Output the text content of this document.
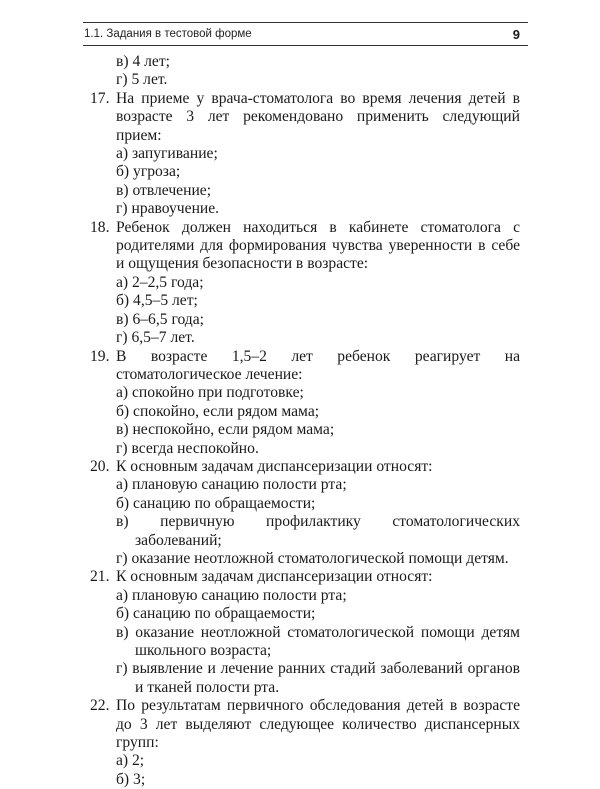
1.1. Задания в тестовой форме	9
в) 4 лет;
г) 5 лет.
17. На приеме у врача-стоматолога во время лечения детей в возрасте 3 лет рекомендовано применить следующий прием:
а) запугивание;
б) угроза;
в) отвлечение;
г) нравоучение.
18. Ребенок должен находиться в кабинете стоматолога с родителями для формирования чувства уверенности в себе и ощущения безопасности в возрасте:
а) 2–2,5 года;
б) 4,5–5 лет;
в) 6–6,5 года;
г) 6,5–7 лет.
19. В возрасте 1,5–2 лет ребенок реагирует на стоматологическое лечение:
а) спокойно при подготовке;
б) спокойно, если рядом мама;
в) неспокойно, если рядом мама;
г) всегда неспокойно.
20. К основным задачам диспансеризации относят:
а) плановую санацию полости рта;
б) санацию по обращаемости;
в) первичную профилактику стоматологических заболеваний;
г) оказание неотложной стоматологической помощи детям.
21. К основным задачам диспансеризации относят:
а) плановую санацию полости рта;
б) санацию по обращаемости;
в) оказание неотложной стоматологической помощи детям школьного возраста;
г) выявление и лечение ранних стадий заболеваний органов и тканей полости рта.
22. По результатам первичного обследования детей в возрасте до 3 лет выделяют следующее количество диспансерных групп:
а) 2;
б) 3;
